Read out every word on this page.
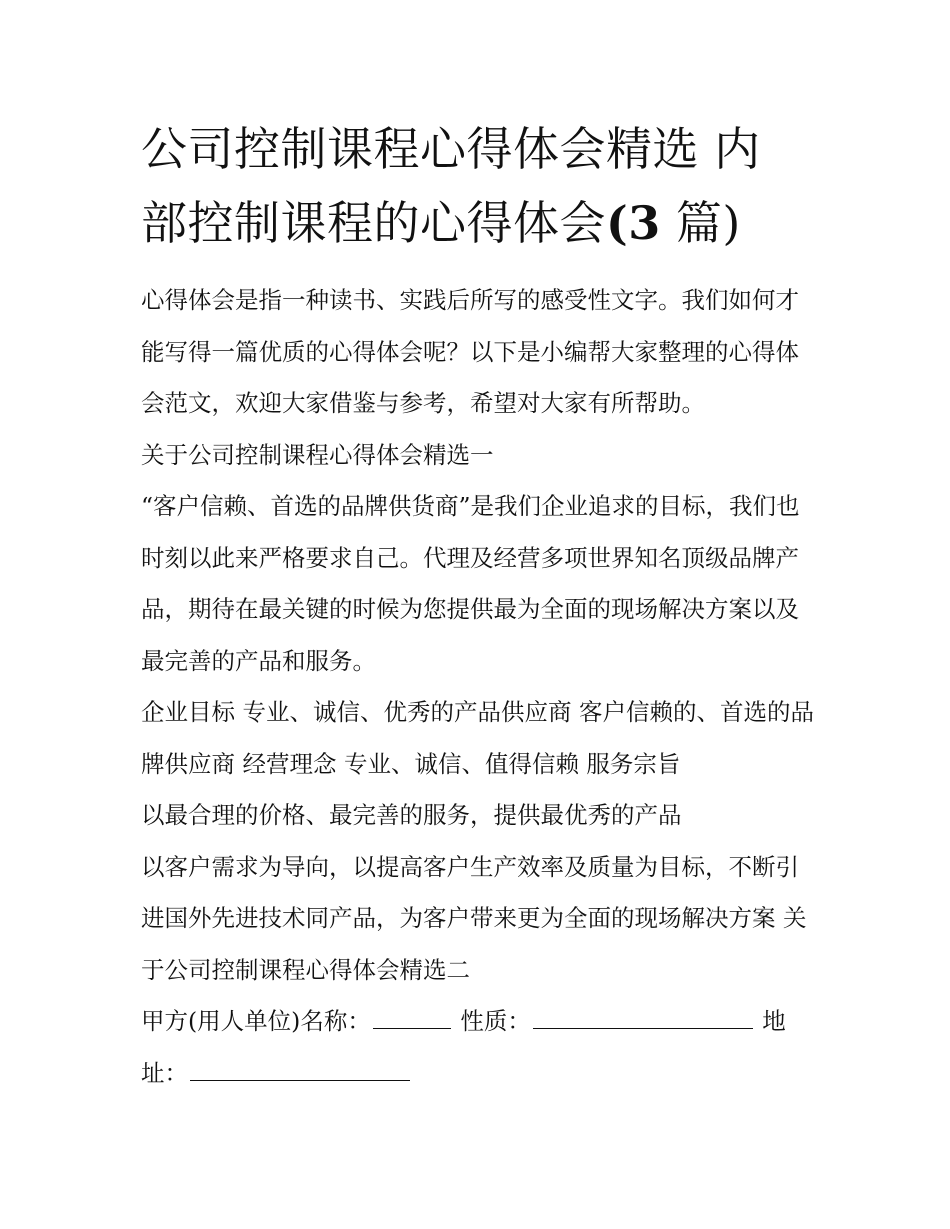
公司控制课程心得体会精选 内
部控制课程的心得体会(3 篇)

心得体会是指一种读书、实践后所写的感受性文字。我们如何才能写得一篇优质的心得体会呢？以下是小编帮大家整理的心得体会范文，欢迎大家借鉴与参考，希望对大家有所帮助。

关于公司控制课程心得体会精选一

“客户信赖、首选的品牌供货商”是我们企业追求的目标，我们也时刻以此来严格要求自己。代理及经营多项世界知名顶级品牌产品，期待在最关键的时候为您提供最为全面的现场解决方案以及最完善的产品和服务。

企业目标 专业、诚信、优秀的产品供应商 客户信赖的、首选的品牌供应商 经营理念 专业、诚信、值得信赖 服务宗旨

以最合理的价格、最完善的服务，提供最优秀的产品

以客户需求为导向，以提高客户生产效率及质量为目标，不断引进国外先进技术同产品，为客户带来更为全面的现场解决方案 关于公司控制课程心得体会精选二

甲方(用人单位)名称：	性质：	地
址：
